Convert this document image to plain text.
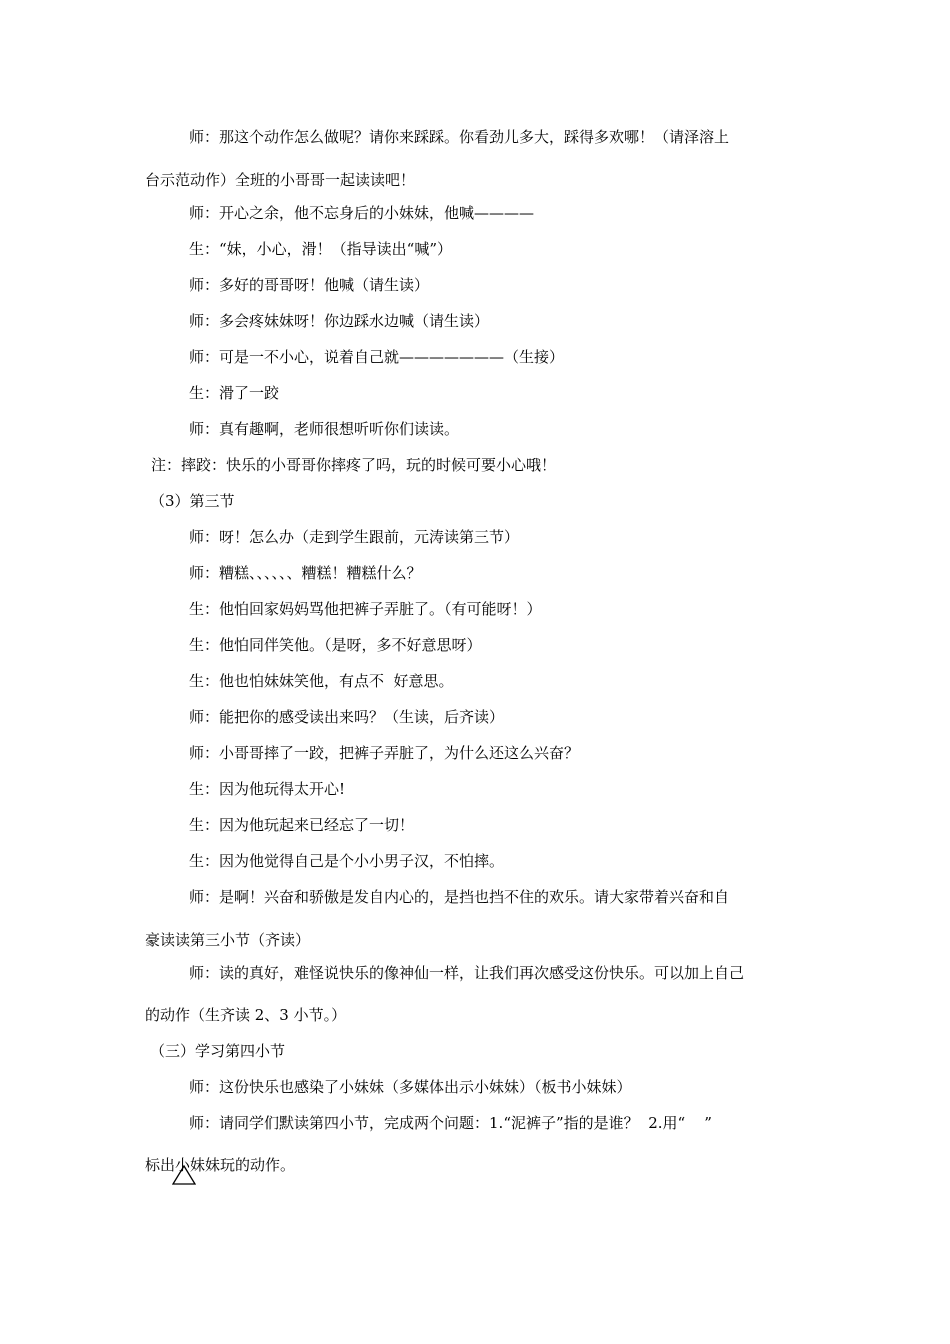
师：那这个动作怎么做呢？请你来踩踩。你看劲儿多大，踩得多欢哪！（请泽溶上
台示范动作）全班的小哥哥一起读读吧！
师：开心之余，他不忘身后的小妹妹，他喊————
生：“妹，小心，滑！（指导读出“喊”）
师：多好的哥哥呀！他喊（请生读）
师：多会疼妹妹呀！你边踩水边喊（请生读）
师：可是一不小心，说着自己就———————（生接）
生：滑了一跤
师：真有趣啊，老师很想听听你们读读。
注：摔跤：快乐的小哥哥你摔疼了吗，玩的时候可要小心哦！
（3）第三节
师：呀！怎么办（走到学生跟前，元涛读第三节）
师：糟糕、、、、、、糟糕！糟糕什么？
生：他怕回家妈妈骂他把裤子弄脏了。（有可能呀！）
生：他怕同伴笑他。（是呀，多不好意思呀）
生：他也怕妹妹笑他，有点不  好意思。
师：能把你的感受读出来吗？（生读，后齐读）
师：小哥哥摔了一跤，把裤子弄脏了，为什么还这么兴奋？
生：因为他玩得太开心!
生：因为他玩起来已经忘了一切！
生：因为他觉得自己是个小小男子汉，不怕摔。
师：是啊！兴奋和骄傲是发自内心的，是挡也挡不住的欢乐。请大家带着兴奋和自
豪读读第三小节（齐读）
师：读的真好，难怪说快乐的像神仙一样，让我们再次感受这份快乐。可以加上自己
的动作（生齐读 2、3 小节。）
（三）学习第四小节
师：这份快乐也感染了小妹妹（多媒体出示小妹妹）（板书小妹妹）
师：请同学们默读第四小节，完成两个问题：1.“泥裤子”指的是谁？  2.用“    ”
标出小妹妹玩的动作。
